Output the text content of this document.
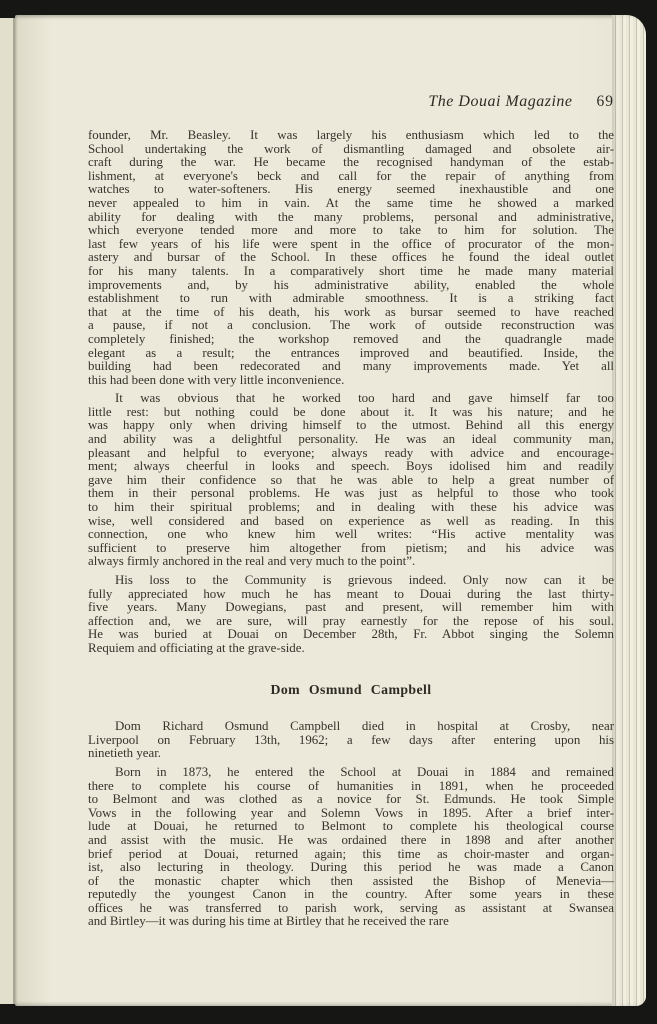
The Douai Magazine 69
founder, Mr. Beasley. It was largely his enthusiasm which led to the
School undertaking the work of dismantling damaged and obsolete air-
craft during the war. He became the recognised handyman of the estab-
lishment, at everyone's beck and call for the repair of anything from
watches to water-softeners. His energy seemed inexhaustible and one
never appealed to him in vain. At the same time he showed a marked
ability for dealing with the many problems, personal and administrative,
which everyone tended more and more to take to him for solution. The
last few years of his life were spent in the office of procurator of the mon-
astery and bursar of the School. In these offices he found the ideal outlet
for his many talents. In a comparatively short time he made many material
improvements and, by his administrative ability, enabled the whole
establishment to run with admirable smoothness. It is a striking fact
that at the time of his death, his work as bursar seemed to have reached
a pause, if not a conclusion. The work of outside reconstruction was
completely finished; the workshop removed and the quadrangle made
elegant as a result; the entrances improved and beautified. Inside, the
building had been redecorated and many improvements made. Yet all
this had been done with very little inconvenience.
It was obvious that he worked too hard and gave himself far too
little rest: but nothing could be done about it. It was his nature; and he
was happy only when driving himself to the utmost. Behind all this energy
and ability was a delightful personality. He was an ideal community man,
pleasant and helpful to everyone; always ready with advice and encourage-
ment; always cheerful in looks and speech. Boys idolised him and readily
gave him their confidence so that he was able to help a great number of
them in their personal problems. He was just as helpful to those who took
to him their spiritual problems; and in dealing with these his advice was
wise, well considered and based on experience as well as reading. In this
connection, one who knew him well writes: “His active mentality was
sufficient to preserve him altogether from pietism; and his advice was
always firmly anchored in the real and very much to the point”.
His loss to the Community is grievous indeed. Only now can it be
fully appreciated how much he has meant to Douai during the last thirty-
five years. Many Dowegians, past and present, will remember him with
affection and, we are sure, will pray earnestly for the repose of his soul.
He was buried at Douai on December 28th, Fr. Abbot singing the Solemn
Requiem and officiating at the grave-side.
Dom Osmund Campbell
Dom Richard Osmund Campbell died in hospital at Crosby, near
Liverpool on February 13th, 1962; a few days after entering upon his
ninetieth year.
Born in 1873, he entered the School at Douai in 1884 and remained
there to complete his course of humanities in 1891, when he proceeded
to Belmont and was clothed as a novice for St. Edmunds. He took Simple
Vows in the following year and Solemn Vows in 1895. After a brief inter-
lude at Douai, he returned to Belmont to complete his theological course
and assist with the music. He was ordained there in 1898 and after another
brief period at Douai, returned again; this time as choir-master and organ-
ist, also lecturing in theology. During this period he was made a Canon
of the monastic chapter which then assisted the Bishop of Menevia—
reputedly the youngest Canon in the country. After some years in these
offices he was transferred to parish work, serving as assistant at Swansea
and Birtley—it was during his time at Birtley that he received the rare
